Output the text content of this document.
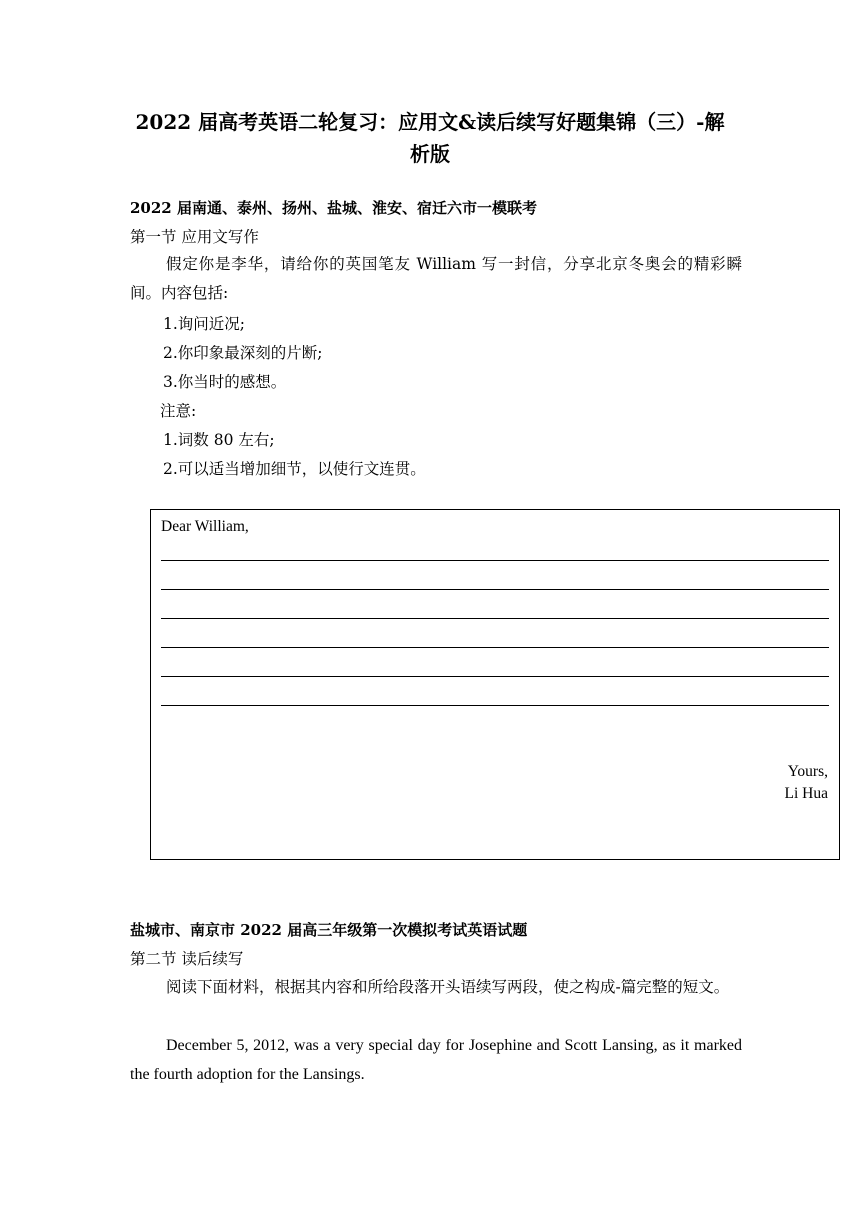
2022 届高考英语二轮复习：应用文&读后续写好题集锦（三）-解析版
2022 届南通、泰州、扬州、盐城、淮安、宿迁六市一模联考
第一节 应用文写作
假定你是李华，请给你的英国笔友 William 写一封信，分享北京冬奥会的精彩瞬间。内容包括:
1.询问近况;
2.你印象最深刻的片断;
3.你当时的感想。
注意:
1.词数 80 左右;
2.可以适当增加细节，以使行文连贯。
Dear William,
Yours,
Li Hua
盐城市、南京市 2022 届高三年级第一次模拟考试英语试题
第二节 读后续写
阅读下面材料，根据其内容和所给段落开头语续写两段，使之构成-篇完整的短文。
December 5, 2012, was a very special day for Josephine and Scott Lansing, as it marked the fourth adoption for the Lansings.
